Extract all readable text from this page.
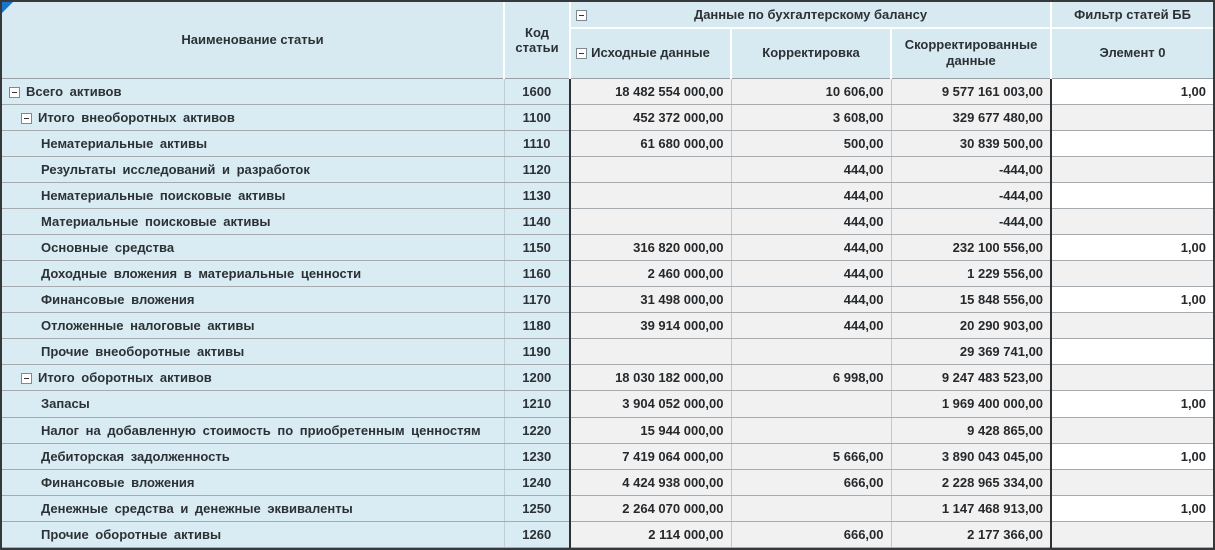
Наименование статьи	Код статьи	Данные по бухгалтерскому балансу			Фильтр статей ББ

Исходные данные	Корректировка	Скорректированные данные	Элемент 0

Всего активов	1600	18 482 554 000,00	10 606,00	9 577 161 003,00	1,00

Итого внеоборотных активов	1100	452 372 000,00	3 608,00	329 677 480,00	
Нематериальные активы	1110	61 680 000,00	500,00	30 839 500,00	
Результаты исследований и разработок	1120		444,00	-444,00	
Нематериальные поисковые активы	1130		444,00	-444,00	
Материальные поисковые активы	1140		444,00	-444,00	
Основные средства	1150	316 820 000,00	444,00	232 100 556,00	1,00
Доходные вложения в материальные ценности	1160	2 460 000,00	444,00	1 229 556,00	
Финансовые вложения	1170	31 498 000,00	444,00	15 848 556,00	1,00
Отложенные налоговые активы	1180	39 914 000,00	444,00	20 290 903,00	
Прочие внеоборотные активы	1190			29 369 741,00	

Итого оборотных активов	1200	18 030 182 000,00	6 998,00	9 247 483 523,00	
Запасы	1210	3 904 052 000,00		1 969 400 000,00	1,00
Налог на добавленную стоимость по приобретенным ценностям	1220	15 944 000,00		9 428 865,00	
Дебиторская задолженность	1230	7 419 064 000,00	5 666,00	3 890 043 045,00	1,00
Финансовые вложения	1240	4 424 938 000,00	666,00	2 228 965 334,00	
Денежные средства и денежные эквиваленты	1250	2 264 070 000,00		1 147 468 913,00	1,00
Прочие оборотные активы	1260	2 114 000,00	666,00	2 177 366,00	
